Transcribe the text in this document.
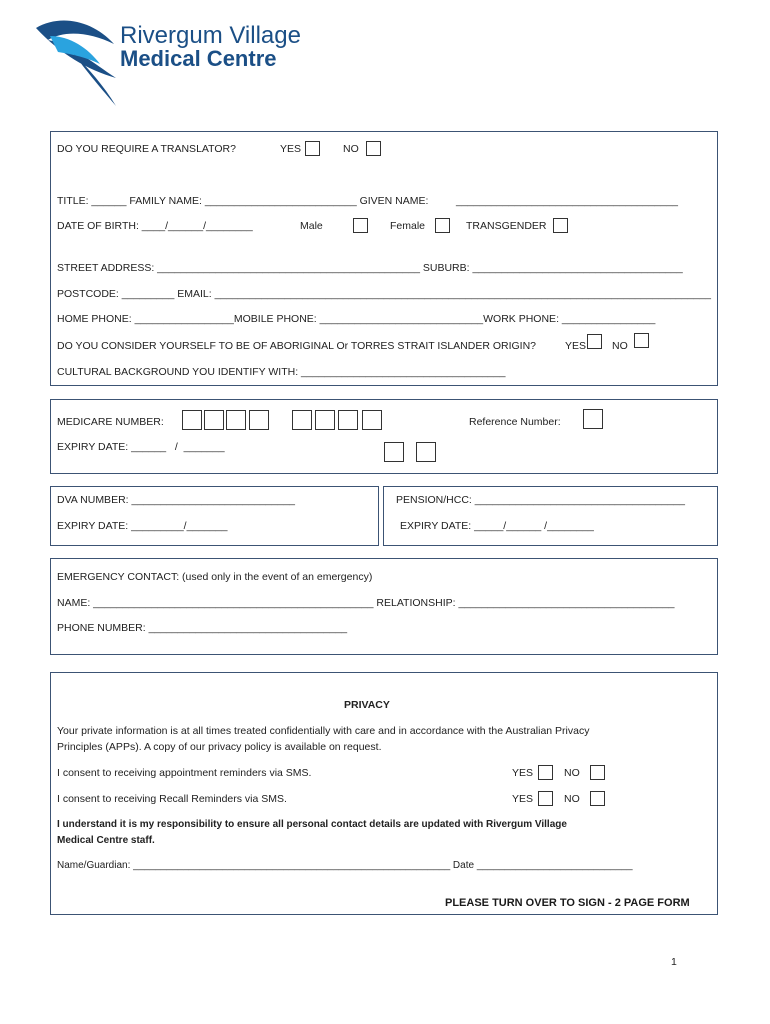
Rivergum Village
Medical Centre
DO YOU REQUIRE A TRANSLATOR?	YES	NO
TITLE: ______ FAMILY NAME: __________________________ GIVEN NAME:	______________________________________
DATE OF BIRTH: ____/______/________	Male	Female	TRANSGENDER
STREET ADDRESS: _____________________________________________ SUBURB: ____________________________________
POSTCODE: _________ EMAIL: _____________________________________________________________________________________
HOME PHONE: _________________MOBILE PHONE: ____________________________WORK PHONE: ________________
DO YOU CONSIDER YOURSELF TO BE OF ABORIGINAL Or TORRES STRAIT ISLANDER ORIGIN?	YES NO
CULTURAL BACKGROUND YOU IDENTIFY WITH: ___________________________________
MEDICARE NUMBER:	Reference Number:
EXPIRY DATE: ______   /  _______
DVA NUMBER: ____________________________
EXPIRY DATE: _________/_______
PENSION/HCC: ____________________________________
EXPIRY DATE: _____/______ /________
EMERGENCY CONTACT: (used only in the event of an emergency)
NAME: ________________________________________________ RELATIONSHIP: _____________________________________
PHONE NUMBER: __________________________________
PRIVACY
Your private information is at all times treated confidentially with care and in accordance with the Australian Privacy
Principles (APPs). A copy of our privacy policy is available on request.
I consent to receiving appointment reminders via SMS.	YES	NO
I consent to receiving Recall Reminders via SMS.	YES	NO
I understand it is my responsibility to ensure all personal contact details are updated with Rivergum Village
Medical Centre staff.
Name/Guardian: _________________________________________________________ Date ____________________________
PLEASE TURN OVER TO SIGN - 2 PAGE FORM
1
